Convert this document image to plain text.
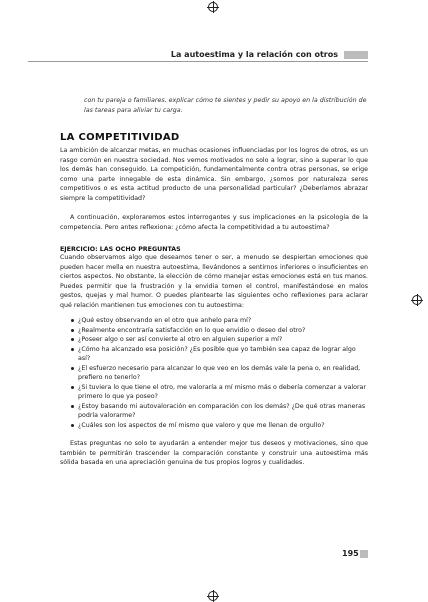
La autoestima y la relación con otros

con tu pareja o familiares, explicar cómo te sientes y pedir su apoyo en la distribución de las tareas para aliviar tu carga.

LA COMPETITIVIDAD

La ambición de alcanzar metas, en muchas ocasiones influenciadas por los logros de otros, es un rasgo común en nuestra sociedad. Nos vemos motivados no solo a lograr, sino a superar lo que los demás han conseguido. La competición, fundamentalmente contra otras personas, se erige como una parte innegable de esta dinámica. Sin embargo, ¿somos por naturaleza seres competitivos o es esta actitud producto de una personalidad particular? ¿Deberíamos abrazar siempre la competitividad?

A continuación, exploraremos estos interrogantes y sus implicaciones en la psicología de la competencia. Pero antes reflexiona: ¿cómo afecta la competitividad a tu autoestima?

EJERCICIO: LAS OCHO PREGUNTAS

Cuando observamos algo que deseamos tener o ser, a menudo se despiertan emociones que pueden hacer mella en nuestra autoestima, llevándonos a sentirnos inferiores o insuficientes en ciertos aspectos. No obstante, la elección de cómo manejar estas emociones está en tus manos. Puedes permitir que la frustración y la envidia tomen el control, manifestándose en malos gestos, quejas y mal humor. O puedes plantearte las siguientes ocho reflexiones para aclarar qué relación mantienen tus emociones con tu autoestima:

¿Qué estoy observando en el otro que anhelo para mí?
¿Realmente encontraría satisfacción en lo que envidio o deseo del otro?
¿Poseer algo o ser así convierte al otro en alguien superior a mí?
¿Cómo ha alcanzado esa posición? ¿Es posible que yo también sea capaz de lograr algo así?
¿El esfuerzo necesario para alcanzar lo que veo en los demás vale la pena o, en realidad, prefiero no tenerlo?
¿Si tuviera lo que tiene el otro, me valoraría a mí mismo más o debería comenzar a valorar primero lo que ya poseo?
¿Estoy basando mi autovaloración en comparación con los demás? ¿De qué otras maneras podría valorarme?
¿Cuáles son los aspectos de mí mismo que valoro y que me llenan de orgullo?

Estas preguntas no solo te ayudarán a entender mejor tus deseos y motivaciones, sino que también te permitirán trascender la comparación constante y construir una autoestima más sólida basada en una apreciación genuina de tus propios logros y cualidades.

195
